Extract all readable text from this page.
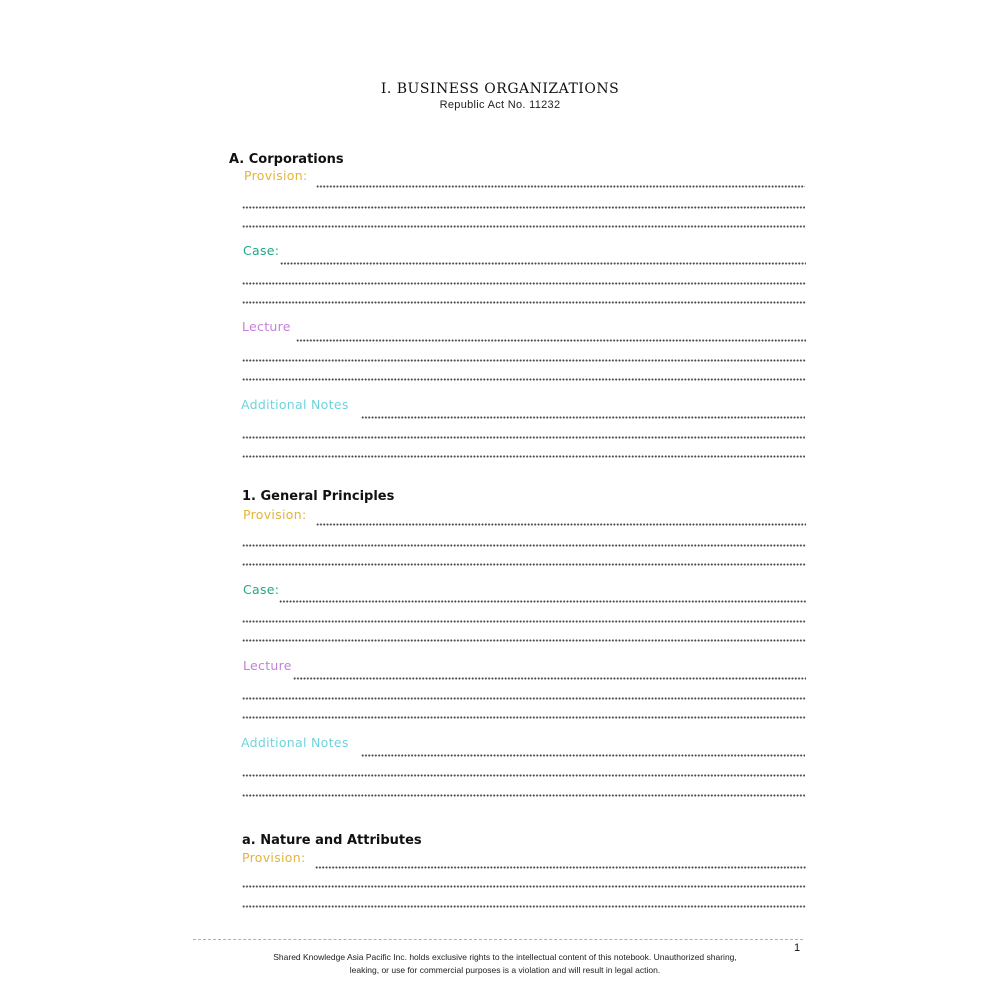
I. BUSINESS ORGANIZATIONS
Republic Act No. 11232
A. Corporations
Provision:
Case:
Lecture
Additional Notes
1. General Principles
Provision:
Case:
Lecture
Additional Notes
a. Nature and Attributes
Provision:
1
Shared Knowledge Asia Pacific Inc. holds exclusive rights to the intellectual content of this notebook. Unauthorized sharing,
leaking, or use for commercial purposes is a violation and will result in legal action.
